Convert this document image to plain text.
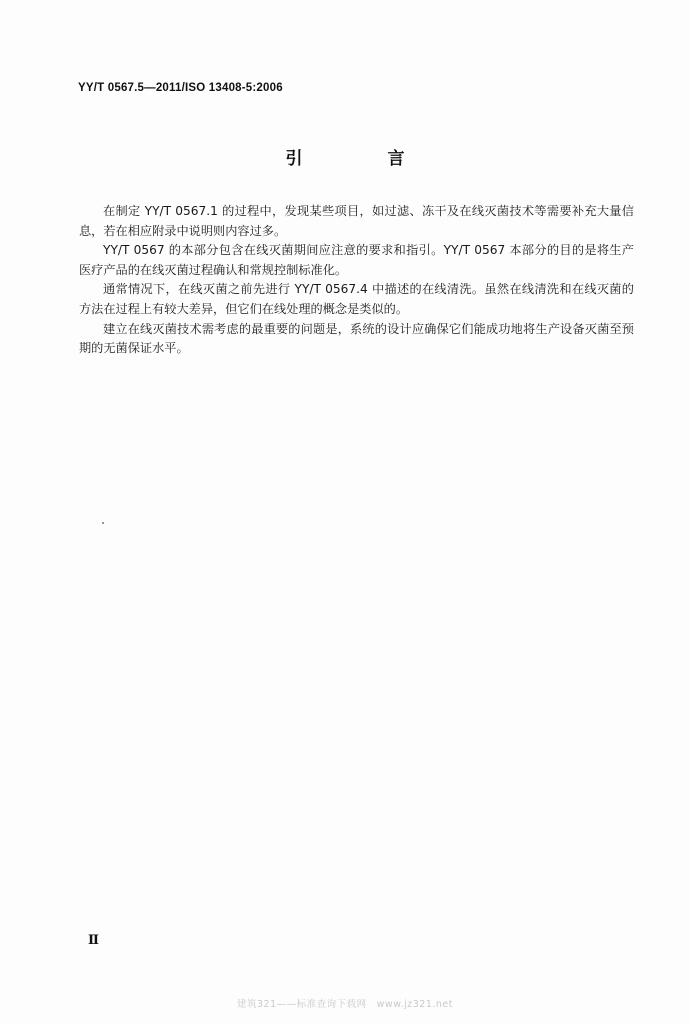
YY/T 0567.5—2011/ISO 13408-5:2006
引　言

在制定 YY/T 0567.1 的过程中，发现某些项目，如过滤、冻干及在线灭菌技术等需要补充大量信息，若在相应附录中说明则内容过多。

YY/T 0567 的本部分包含在线灭菌期间应注意的要求和指引。YY/T 0567 本部分的目的是将生产医疗产品的在线灭菌过程确认和常规控制标准化。

通常情况下，在线灭菌之前先进行 YY/T 0567.4 中描述的在线清洗。虽然在线清洗和在线灭菌的方法在过程上有较大差异，但它们在线处理的概念是类似的。

建立在线灭菌技术需考虑的最重要的问题是，系统的设计应确保它们能成功地将生产设备灭菌至预期的无菌保证水平。

Ⅱ
建筑321——标准查询下载网　www.jz321.net
